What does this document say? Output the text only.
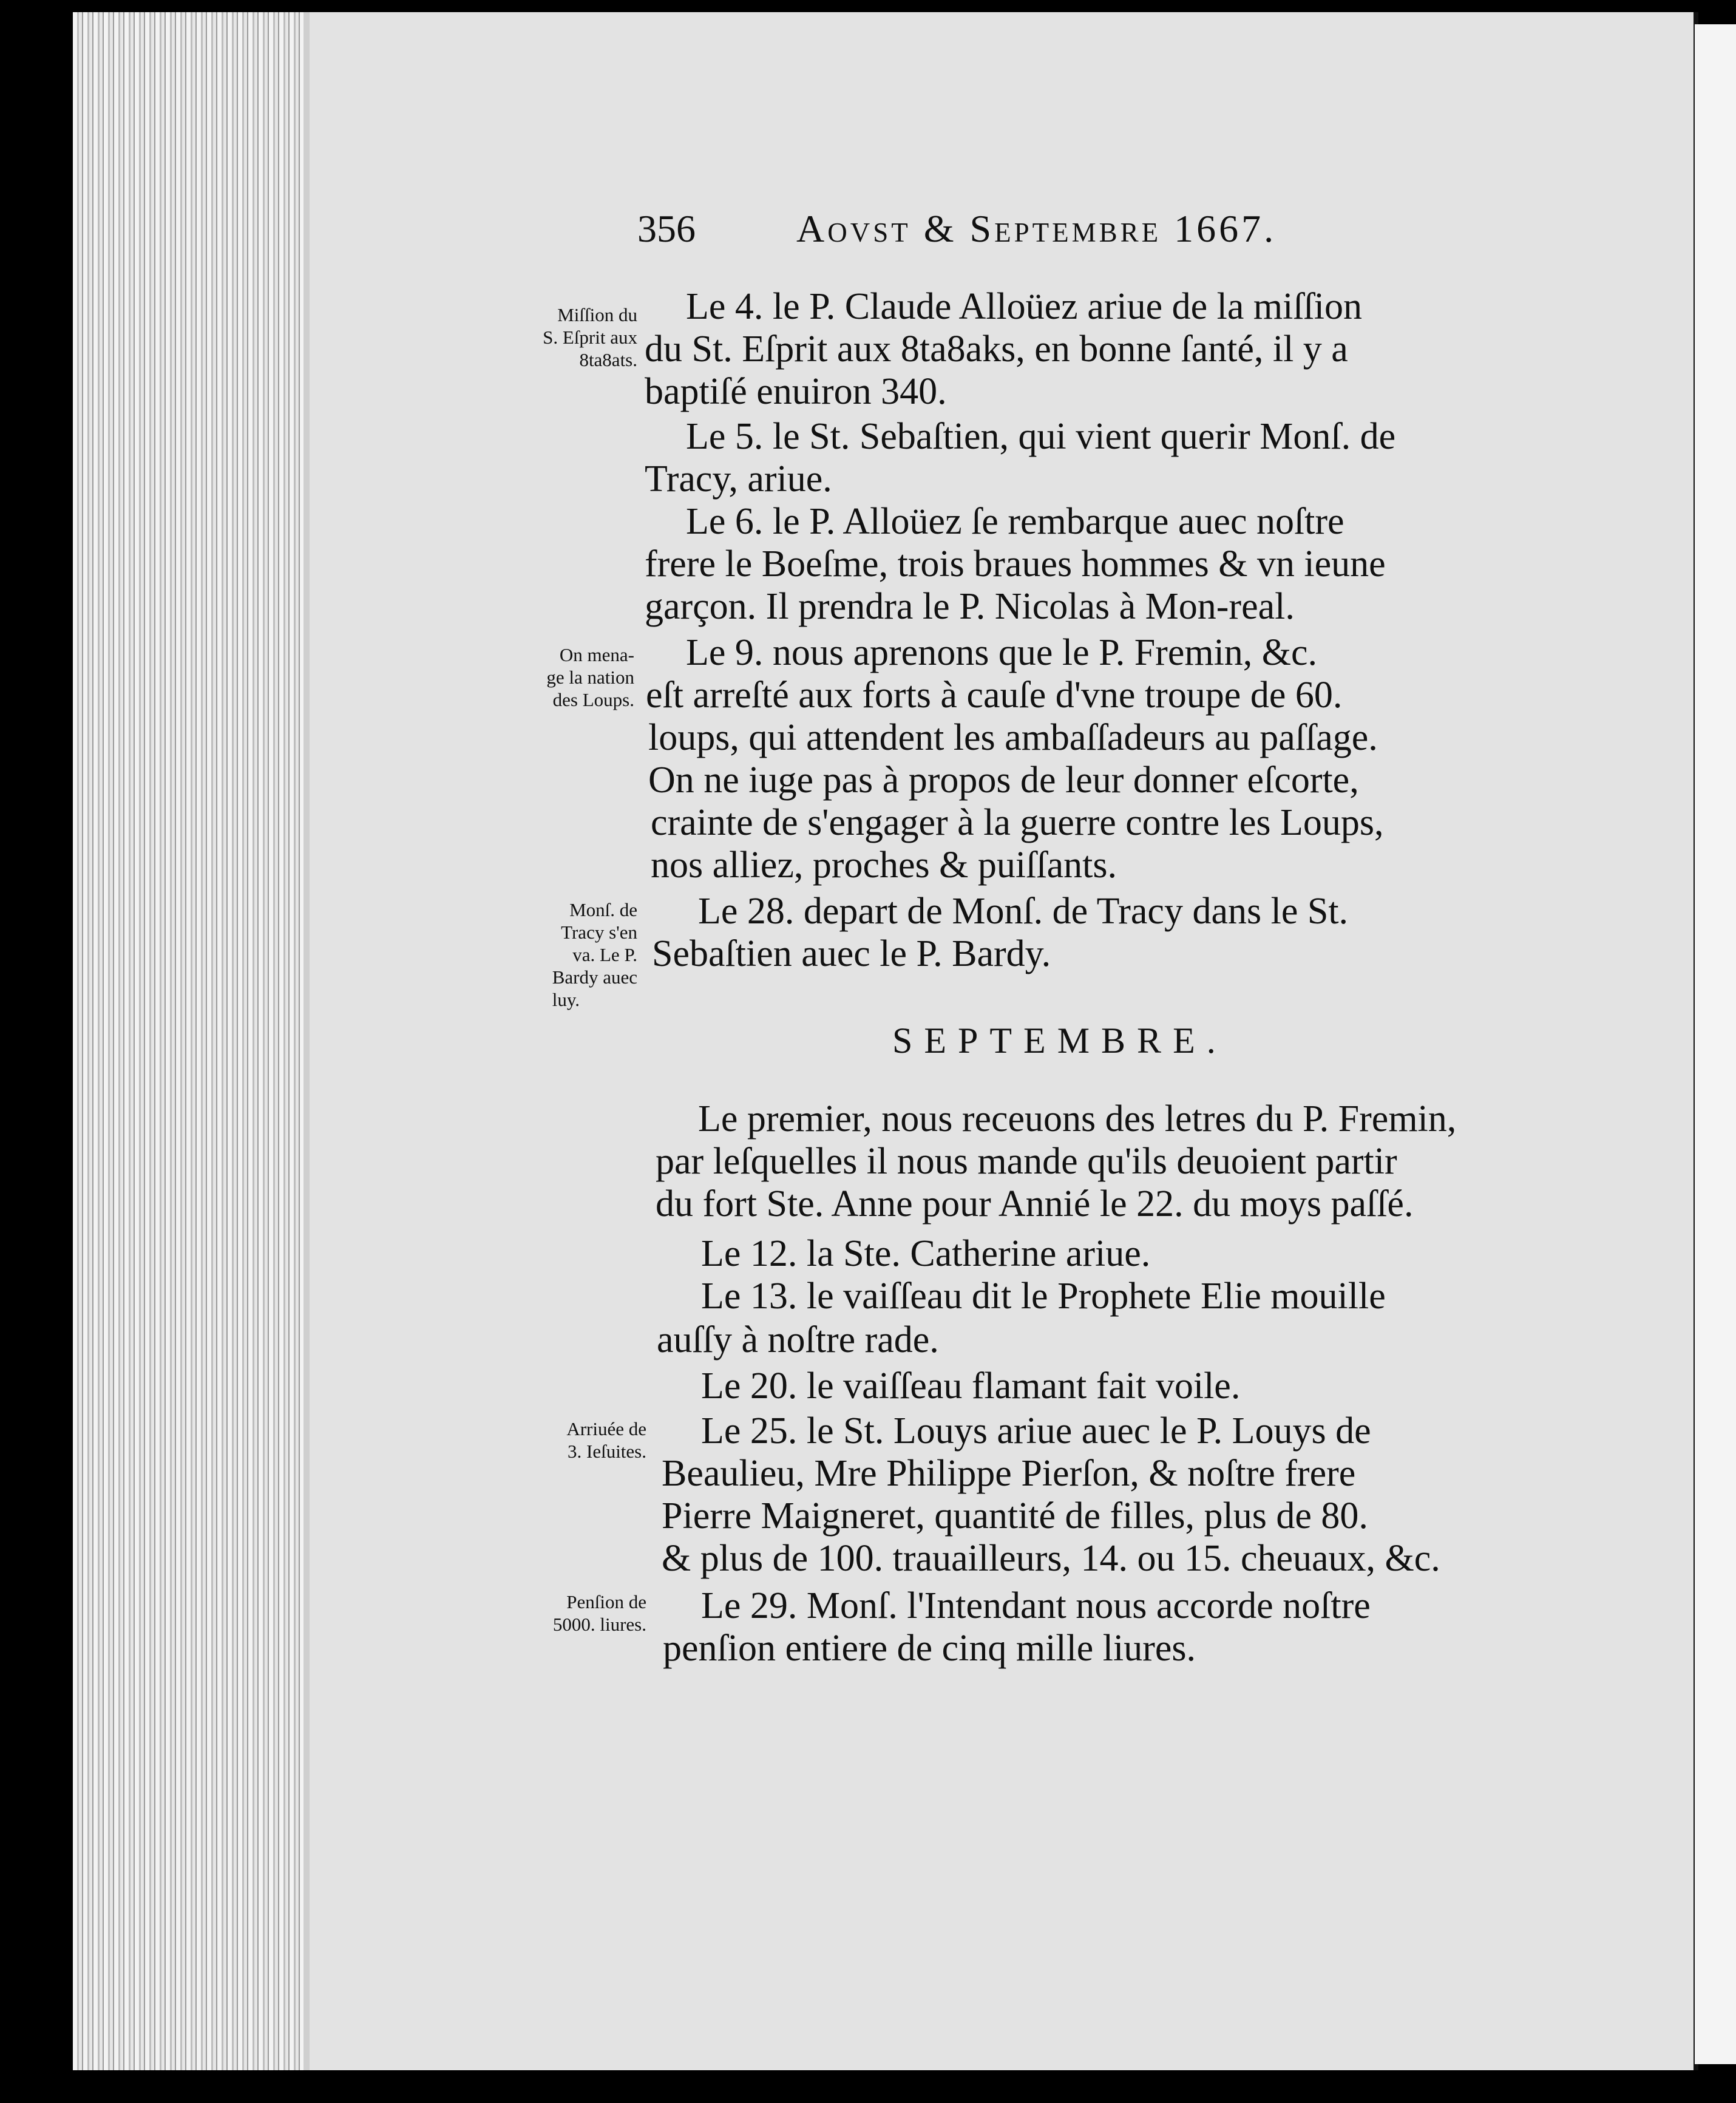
356	Aovst & Septembre 1667.
Miſſion du
S. Eſprit aux
8ta8ats.
On mena-
ge la nation
des Loups.
Monſ. de
Tracy s'en
va. Le P.
Bardy auec
luy.
Arriuée de
3. Ieſuites.
Penſion de
5000. liures.
Le 4. le P. Claude Alloüez ariue de la miſſion
du St. Eſprit aux 8ta8aks, en bonne ſanté, il y a
baptiſé enuiron 340.
Le 5. le St. Sebaſtien, qui vient querir Monſ. de
Tracy, ariue.
Le 6. le P. Alloüez ſe rembarque auec noſtre
frere le Boeſme, trois braues hommes & vn ieune
garçon. Il prendra le P. Nicolas à Mon-real.
Le 9. nous aprenons que le P. Fremin, &c.
eſt arreſté aux forts à cauſe d'vne troupe de 60.
loups, qui attendent les ambaſſadeurs au paſſage.
On ne iuge pas à propos de leur donner eſcorte,
crainte de s'engager à la guerre contre les Loups,
nos alliez, proches & puiſſants.
Le 28. depart de Monſ. de Tracy dans le St.
Sebaſtien auec le P. Bardy.
SEPTEMBRE.
Le premier, nous receuons des letres du P. Fremin,
par leſquelles il nous mande qu'ils deuoient partir
du fort Ste. Anne pour Annié le 22. du moys paſſé.
Le 12. la Ste. Catherine ariue.
Le 13. le vaiſſeau dit le Prophete Elie mouille
auſſy à noſtre rade.
Le 20. le vaiſſeau flamant fait voile.
Le 25. le St. Louys ariue auec le P. Louys de
Beaulieu, Mre Philippe Pierſon, & noſtre frere
Pierre Maigneret, quantité de filles, plus de 80.
& plus de 100. trauailleurs, 14. ou 15. cheuaux, &c.
Le 29. Monſ. l'Intendant nous accorde noſtre
penſion entiere de cinq mille liures.
